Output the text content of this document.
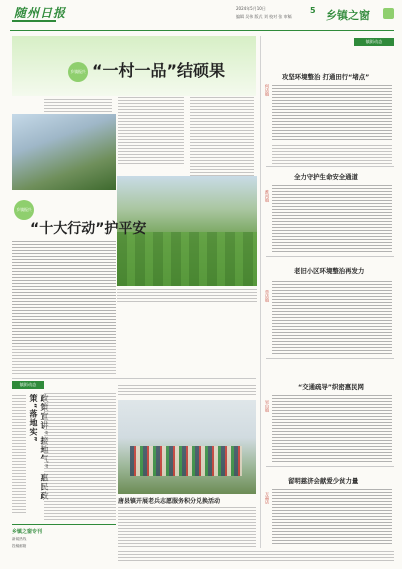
随州日报	2024年5月10日
编辑 吴伟 版式 刘 校对 张 审稿
5 乡镇之窗
乡镇振兴 “一村一品”结硕果
乡镇振兴
“十大行动”护平安
镇街动态
策“落地实”
唐县镇开展老兵志愿服务积分兑换活动
乡镇之窗专刊
新闻热线
投稿邮箱
镇街动态
何店镇
攻坚环境整治 打通田行“堵点”
全力守护生命安全通道
淮河镇
老旧小区环境整治再发力
草店镇
“交通疏导”织密惠民网
吴山镇
留明慈济会献爱少贫力量
万福店
